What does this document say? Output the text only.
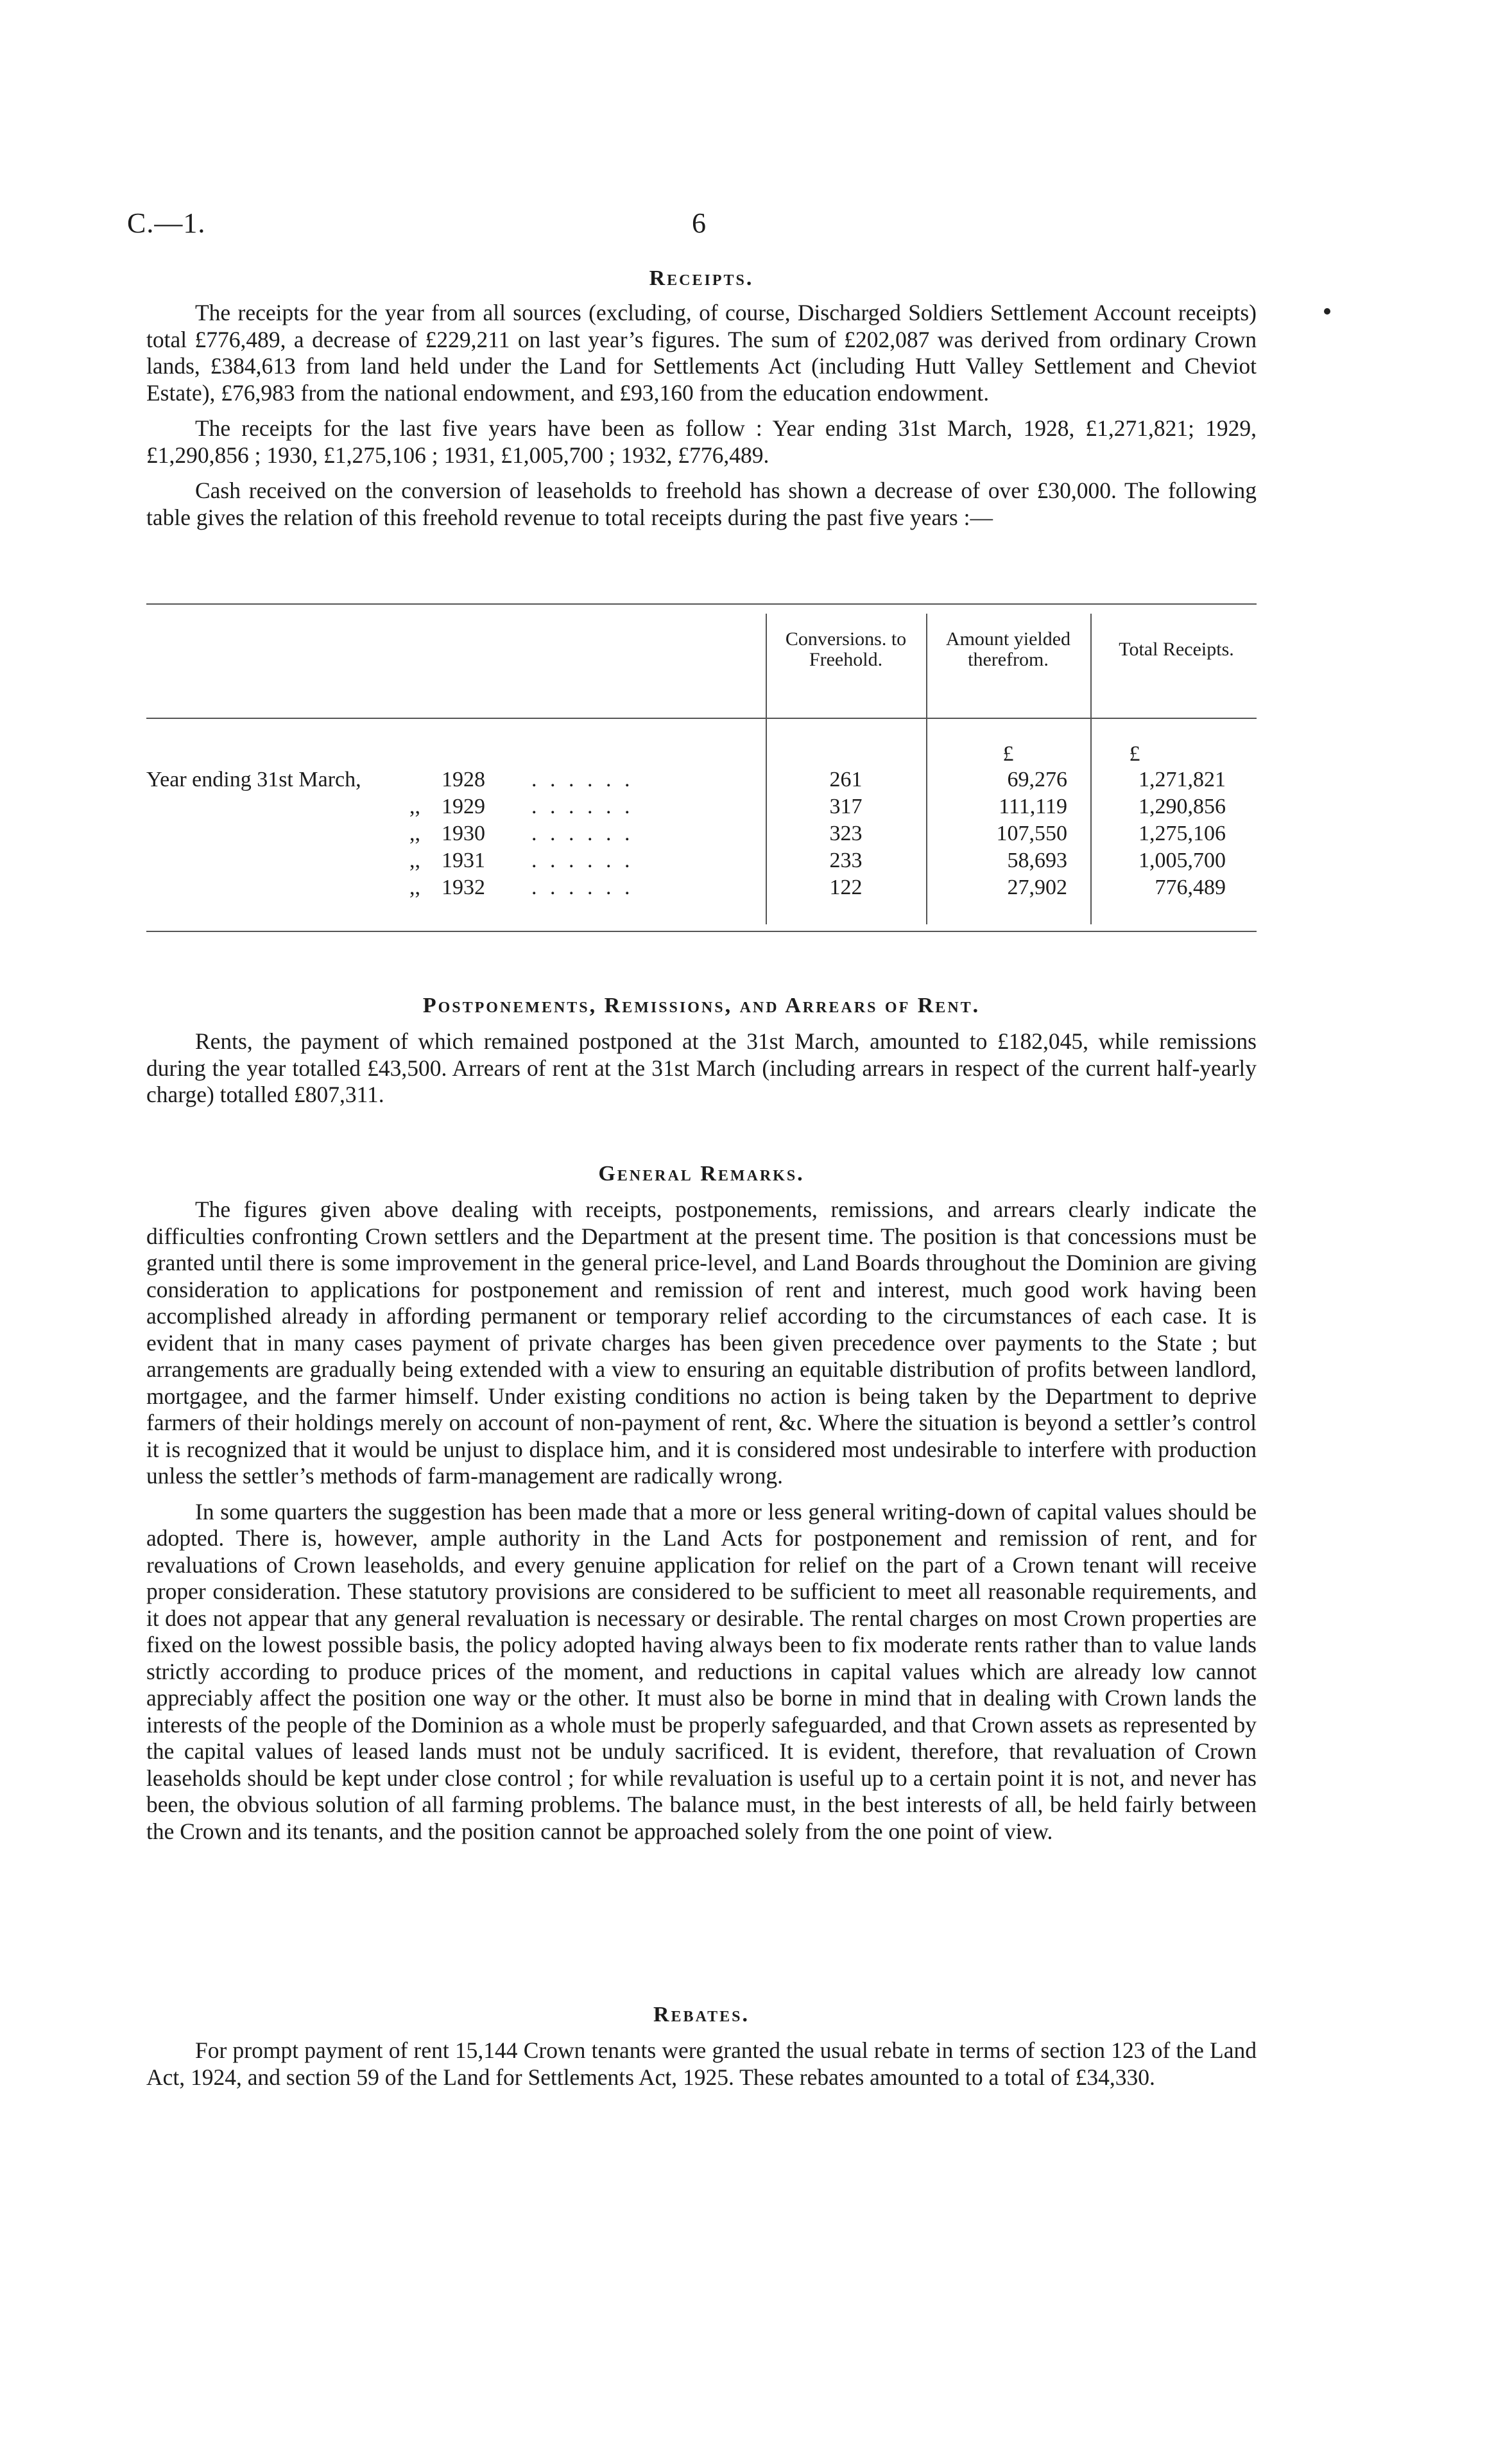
C.—1.	6
Receipts.

The receipts for the year from all sources (excluding, of course, Discharged Soldiers Settlement Account receipts) total £776,489, a decrease of £229,211 on last year’s figures. The sum of £202,087 was derived from ordinary Crown lands, £384,613 from land held under the Land for Settlements Act (including Hutt Valley Settlement and Cheviot Estate), £76,983 from the national endowment, and £93,160 from the education endowment.

The receipts for the last five years have been as follow : Year ending 31st March, 1928, £1,271,821; 1929, £1,290,856 ; 1930, £1,275,106 ; 1931, £1,005,700 ; 1932, £776,489.

Cash received on the conversion of leaseholds to freehold has shown a decrease of over £30,000. The following table gives the relation of this freehold revenue to total receipts during the past five years :—

Conversions. to Freehold.
Amount yielded therefrom.	Total Receipts.
£	£
Year ending 31st March,	1928 . . . . . .	261	69,276	1,271,821
,, 1929 . . . . . .	317	111,119	1,290,856
,, 1930 . . . . . .	323	107,550	1,275,106
,, 1931 . . . . . .	233	58,693	1,005,700
,, 1932 . . . . . .	122	27,902	776,489
Postponements, Remissions, and Arrears of Rent.

Rents, the payment of which remained postponed at the 31st March, amounted to £182,045, while remissions during the year totalled £43,500. Arrears of rent at the 31st March (including arrears in respect of the current half-yearly charge) totalled £807,311.

General Remarks.

The figures given above dealing with receipts, postponements, remissions, and arrears clearly indicate the difficulties confronting Crown settlers and the Department at the present time. The position is that concessions must be granted until there is some improvement in the general price-level, and Land Boards throughout the Dominion are giving consideration to applications for postponement and remission of rent and interest, much good work having been accomplished already in affording permanent or temporary relief according to the circumstances of each case. It is evident that in many cases payment of private charges has been given precedence over payments to the State ; but arrangements are gradually being extended with a view to ensuring an equitable distribution of profits between landlord, mortgagee, and the farmer himself. Under existing conditions no action is being taken by the Department to deprive farmers of their holdings merely on account of non-payment of rent, &c. Where the situation is beyond a settler’s control it is recognized that it would be unjust to displace him, and it is considered most undesirable to interfere with production unless the settler’s methods of farm-management are radically wrong.

In some quarters the suggestion has been made that a more or less general writing-down of capital values should be adopted. There is, however, ample authority in the Land Acts for postponement and remission of rent, and for revaluations of Crown leaseholds, and every genuine application for relief on the part of a Crown tenant will receive proper consideration. These statutory provisions are considered to be sufficient to meet all reasonable requirements, and it does not appear that any general revaluation is necessary or desirable. The rental charges on most Crown properties are fixed on the lowest possible basis, the policy adopted having always been to fix moderate rents rather than to value lands strictly according to produce prices of the moment, and reductions in capital values which are already low cannot appreciably affect the position one way or the other. It must also be borne in mind that in dealing with Crown lands the interests of the people of the Dominion as a whole must be properly safeguarded, and that Crown assets as represented by the capital values of leased lands must not be unduly sacrificed. It is evident, therefore, that revaluation of Crown leaseholds should be kept under close control ; for while revaluation is useful up to a certain point it is not, and never has been, the obvious solution of all farming problems. The balance must, in the best interests of all, be held fairly between the Crown and its tenants, and the position cannot be approached solely from the one point of view.

Rebates.

For prompt payment of rent 15,144 Crown tenants were granted the usual rebate in terms of section 123 of the Land Act, 1924, and section 59 of the Land for Settlements Act, 1925. These rebates amounted to a total of £34,330.
